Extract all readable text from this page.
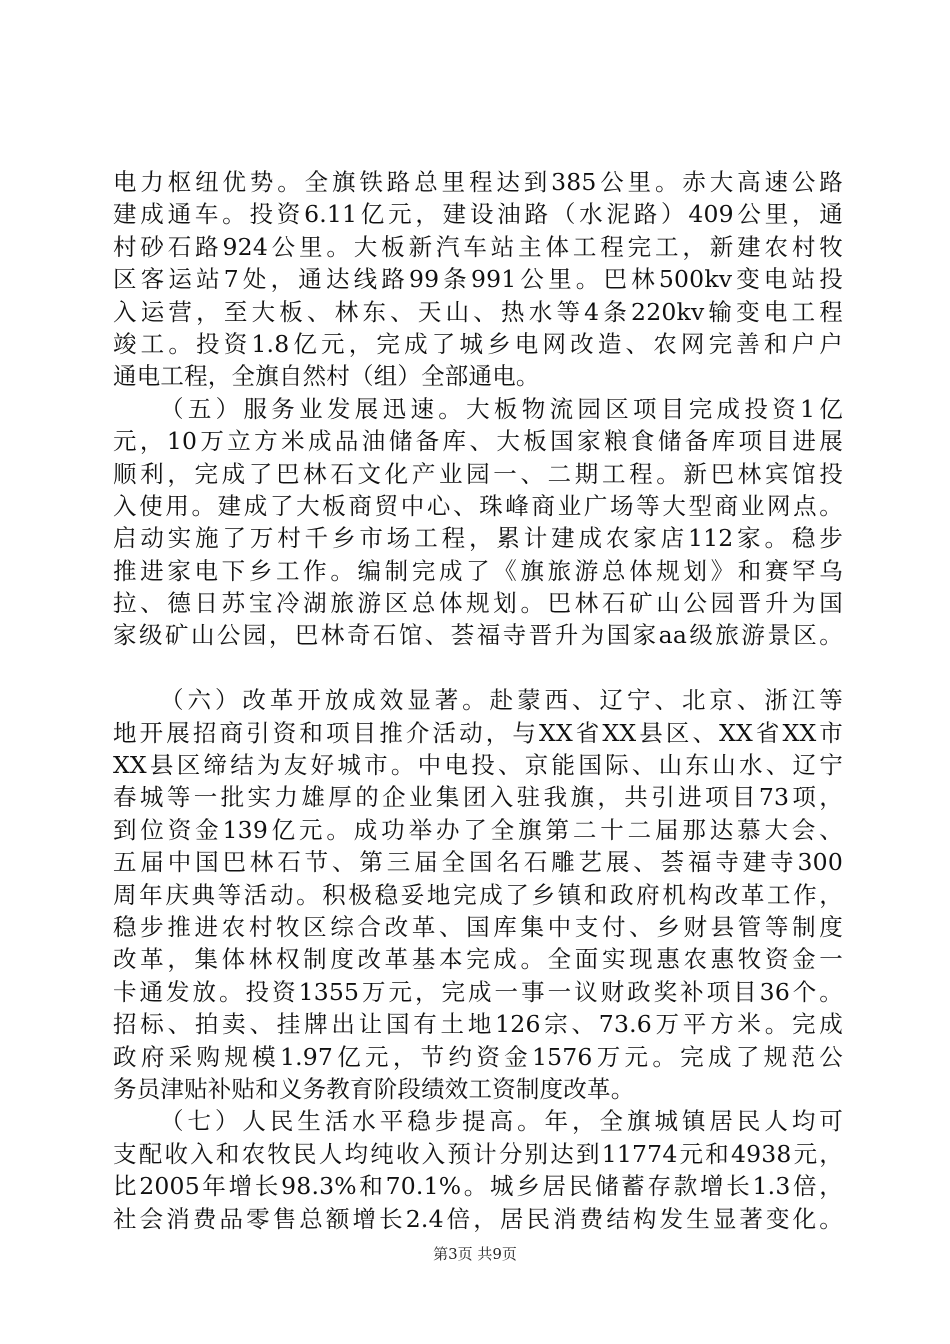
电力枢纽优势。全旗铁路总里程达到385公里。赤大高速公路
建成通车。投资6.11亿元，建设油路（水泥路）409公里，通
村砂石路924公里。大板新汽车站主体工程完工，新建农村牧
区客运站7处，通达线路99条991公里。巴林500kv变电站投
入运营，至大板、林东、天山、热水等4条220kv输变电工程
竣工。投资1.8亿元，完成了城乡电网改造、农网完善和户户
通电工程，全旗自然村（组）全部通电。
（五）服务业发展迅速。大板物流园区项目完成投资1亿
元，10万立方米成品油储备库、大板国家粮食储备库项目进展
顺利，完成了巴林石文化产业园一、二期工程。新巴林宾馆投
入使用。建成了大板商贸中心、珠峰商业广场等大型商业网点。
启动实施了万村千乡市场工程，累计建成农家店112家。稳步
推进家电下乡工作。编制完成了《旗旅游总体规划》和赛罕乌
拉、德日苏宝冷湖旅游区总体规划。巴林石矿山公园晋升为国
家级矿山公园，巴林奇石馆、荟福寺晋升为国家aa级旅游景区。
（六）改革开放成效显著。赴蒙西、辽宁、北京、浙江等
地开展招商引资和项目推介活动，与XX省XX县区、XX省XX市
XX县区缔结为友好城市。中电投、京能国际、山东山水、辽宁
春城等一批实力雄厚的企业集团入驻我旗，共引进项目73项，
到位资金139亿元。成功举办了全旗第二十二届那达慕大会、
五届中国巴林石节、第三届全国名石雕艺展、荟福寺建寺300
周年庆典等活动。积极稳妥地完成了乡镇和政府机构改革工作，
稳步推进农村牧区综合改革、国库集中支付、乡财县管等制度
改革，集体林权制度改革基本完成。全面实现惠农惠牧资金一
卡通发放。投资1355万元，完成一事一议财政奖补项目36个。
招标、拍卖、挂牌出让国有土地126宗、73.6万平方米。完成
政府采购规模1.97亿元，节约资金1576万元。完成了规范公
务员津贴补贴和义务教育阶段绩效工资制度改革。
（七）人民生活水平稳步提高。年，全旗城镇居民人均可
支配收入和农牧民人均纯收入预计分别达到11774元和4938元，
比2005年增长98.3%和70.1%。城乡居民储蓄存款增长1.3倍，
社会消费品零售总额增长2.4倍，居民消费结构发生显著变化。
第3页 共9页
